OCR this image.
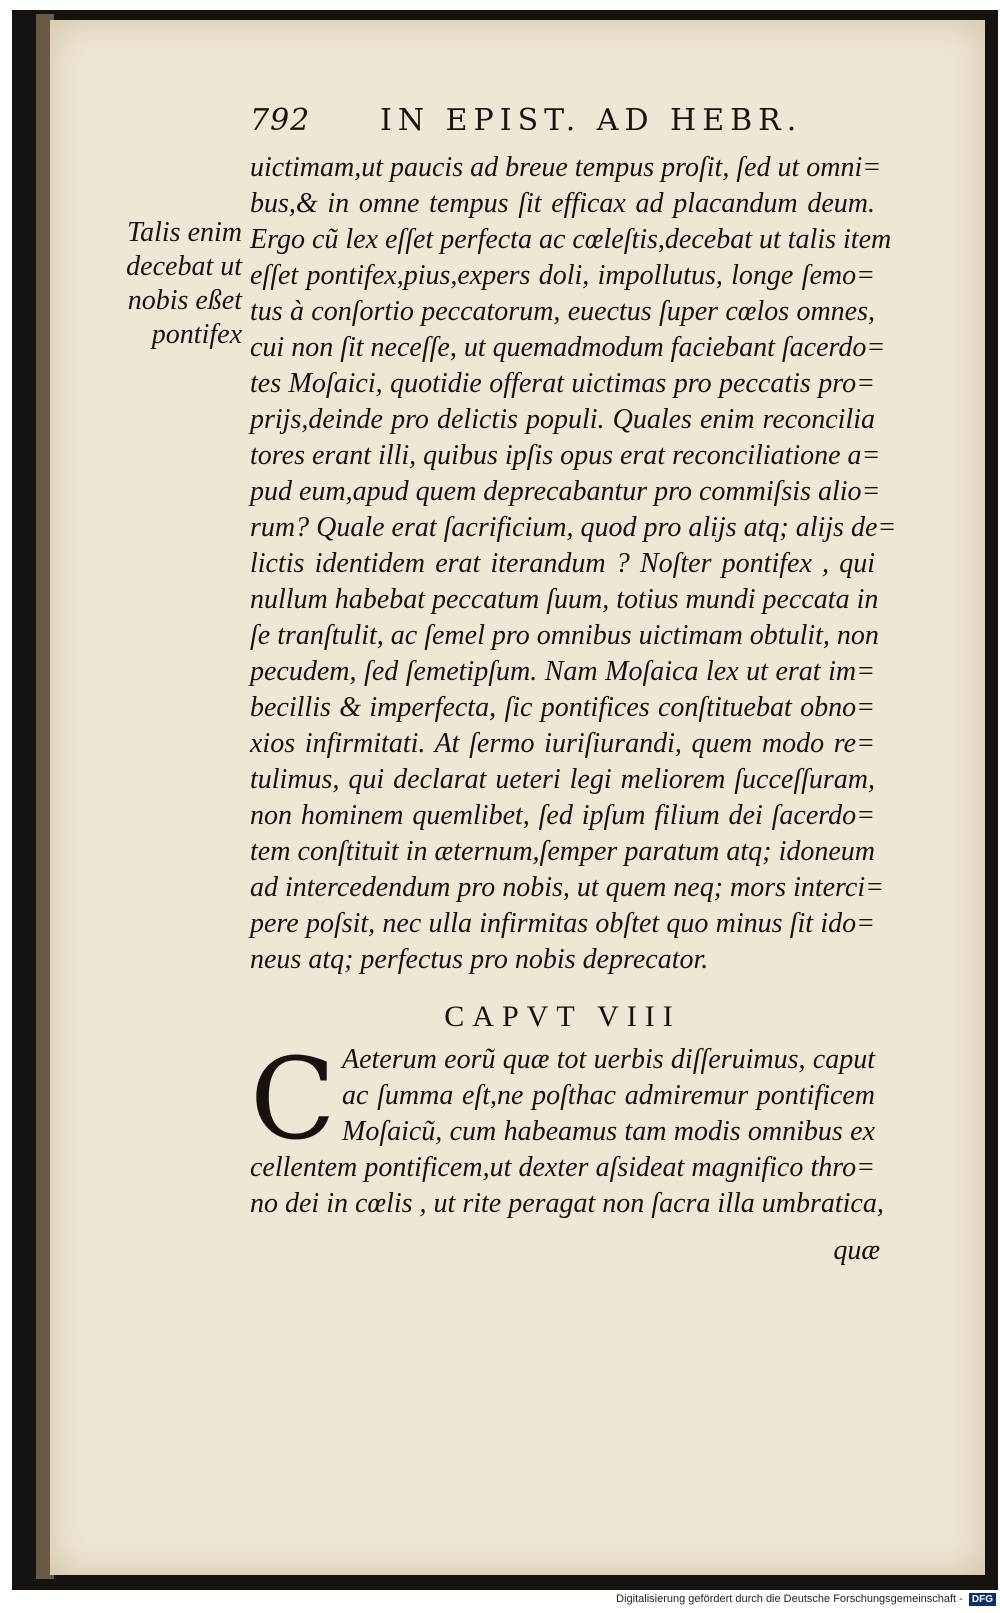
792 IN EPIST. AD HEBR.
Talis enim
decebat ut
nobis eßet
pontifex
uictimam,ut paucis ad breue tempus proſit, ſed ut omni=
bus,& in omne tempus ſit efficax ad placandum deum.
Ergo cũ lex eſſet perfecta ac cœleſtis,decebat ut talis item
eſſet pontifex,pius,expers doli, impollutus, longe ſemo=
tus à conſortio peccatorum, euectus ſuper cœlos omnes,
cui non ſit neceſſe, ut quemadmodum faciebant ſacerdo=
tes Moſaici, quotidie offerat uictimas pro peccatis pro=
prijs,deinde pro delictis populi. Quales enim reconcilia
tores erant illi, quibus ipſis opus erat reconciliatione a=
pud eum,apud quem deprecabantur pro commiſsis alio=
rum? Quale erat ſacrificium, quod pro alijs atq; alijs de=
lictis identidem erat iterandum ? Noſter pontifex , qui
nullum habebat peccatum ſuum, totius mundi peccata in
ſe tranſtulit, ac ſemel pro omnibus uictimam obtulit, non
pecudem, ſed ſemetipſum. Nam Moſaica lex ut erat im=
becillis & imperfecta, ſic pontifices conſtituebat obno=
xios infirmitati. At ſermo iuriſiurandi, quem modo re=
tulimus, qui declarat ueteri legi meliorem ſucceſſuram,
non hominem quemlibet, ſed ipſum filium dei ſacerdo=
tem conſtituit in æternum,ſemper paratum atq; idoneum
ad intercedendum pro nobis, ut quem neq; mors interci=
pere poſsit, nec ulla infirmitas obſtet quo minus ſit ido=
neus atq; perfectus pro nobis deprecator.
CAPVT VIII
C Aeterum eorũ quæ tot uerbis diſſeruimus, caput
ac ſumma eſt,ne poſthac admiremur pontificem
Moſaicũ, cum habeamus tam modis omnibus ex
cellentem pontificem,ut dexter aſsideat magnifico thro=
no dei in cœlis , ut rite peragat non ſacra illa umbratica,
quæ
Digitalisierung gefördert durch die Deutsche Forschungsgemeinschaft - DFG
